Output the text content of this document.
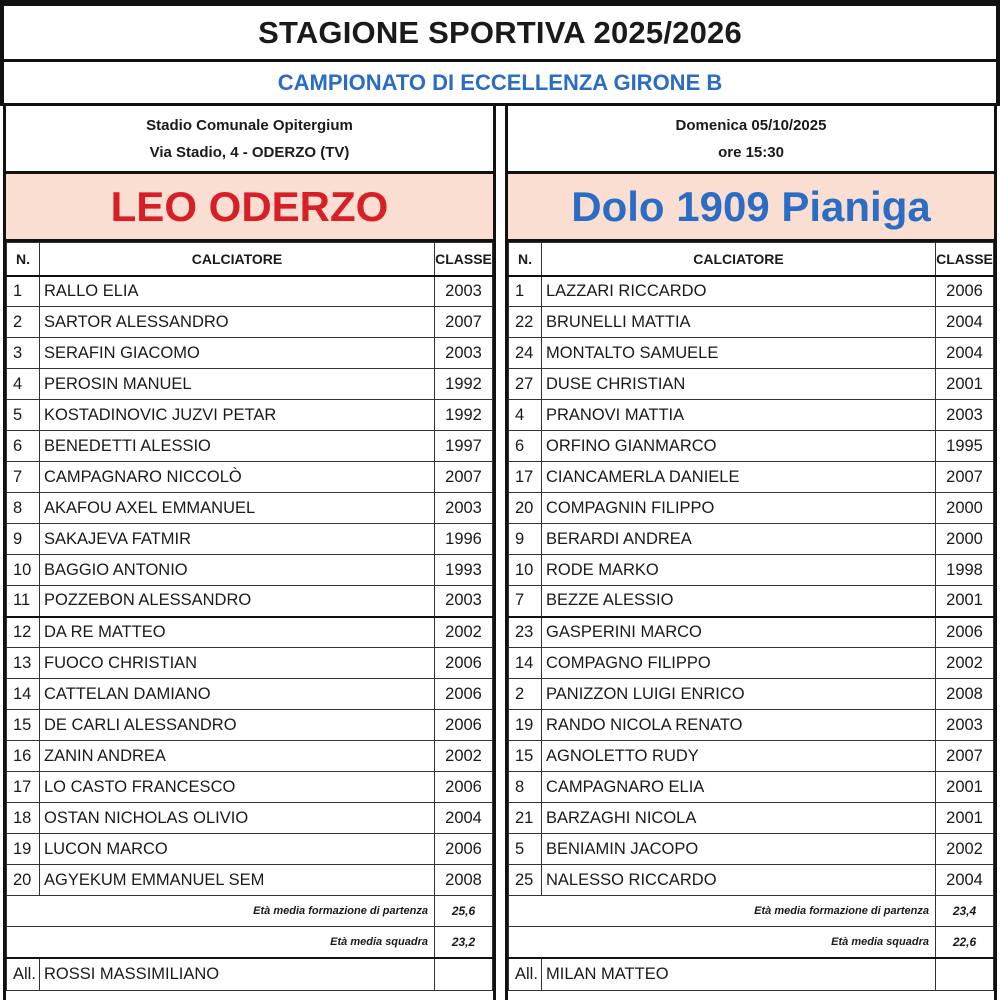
STAGIONE SPORTIVA 2025/2026
CAMPIONATO DI ECCELLENZA GIRONE B
Stadio Comunale Opitergium
Via Stadio, 4 - ODERZO (TV)
LEO ODERZO
N.	CALCIATORE	CLASSE
1	RALLO ELIA	2003
2	SARTOR ALESSANDRO	2007
3	SERAFIN GIACOMO	2003
4	PEROSIN MANUEL	1992
5	KOSTADINOVIC JUZVI PETAR	1992
6	BENEDETTI ALESSIO	1997
7	CAMPAGNARO NICCOLÒ	2007
8	AKAFOU AXEL EMMANUEL	2003
9	SAKAJEVA FATMIR	1996
10	BAGGIO ANTONIO	1993
11	POZZEBON ALESSANDRO	2003
12	DA RE MATTEO	2002
13	FUOCO CHRISTIAN	2006
14	CATTELAN DAMIANO	2006
15	DE CARLI ALESSANDRO	2006
16	ZANIN ANDREA	2002
17	LO CASTO FRANCESCO	2006
18	OSTAN NICHOLAS OLIVIO	2004
19	LUCON MARCO	2006
20	AGYEKUM EMMANUEL SEM	2008
Età media formazione di partenza		25,6
Età media squadra		23,2
All.	ROSSI MASSIMILIANO	
Domenica 05/10/2025
ore 15:30
Dolo 1909 Pianiga
N.	CALCIATORE	CLASSE
1	LAZZARI RICCARDO	2006
22	BRUNELLI MATTIA	2004
24	MONTALTO SAMUELE	2004
27	DUSE CHRISTIAN	2001
4	PRANOVI MATTIA	2003
6	ORFINO GIANMARCO	1995
17	CIANCAMERLA DANIELE	2007
20	COMPAGNIN FILIPPO	2000
9	BERARDI ANDREA	2000
10	RODE MARKO	1998
7	BEZZE ALESSIO	2001
23	GASPERINI MARCO	2006
14	COMPAGNO FILIPPO	2002
2	PANIZZON LUIGI ENRICO	2008
19	RANDO NICOLA RENATO	2003
15	AGNOLETTO RUDY	2007
8	CAMPAGNARO ELIA	2001
21	BARZAGHI NICOLA	2001
5	BENIAMIN JACOPO	2002
25	NALESSO RICCARDO	2004
Età media formazione di partenza		23,4
Età media squadra		22,6
All.	MILAN MATTEO	
